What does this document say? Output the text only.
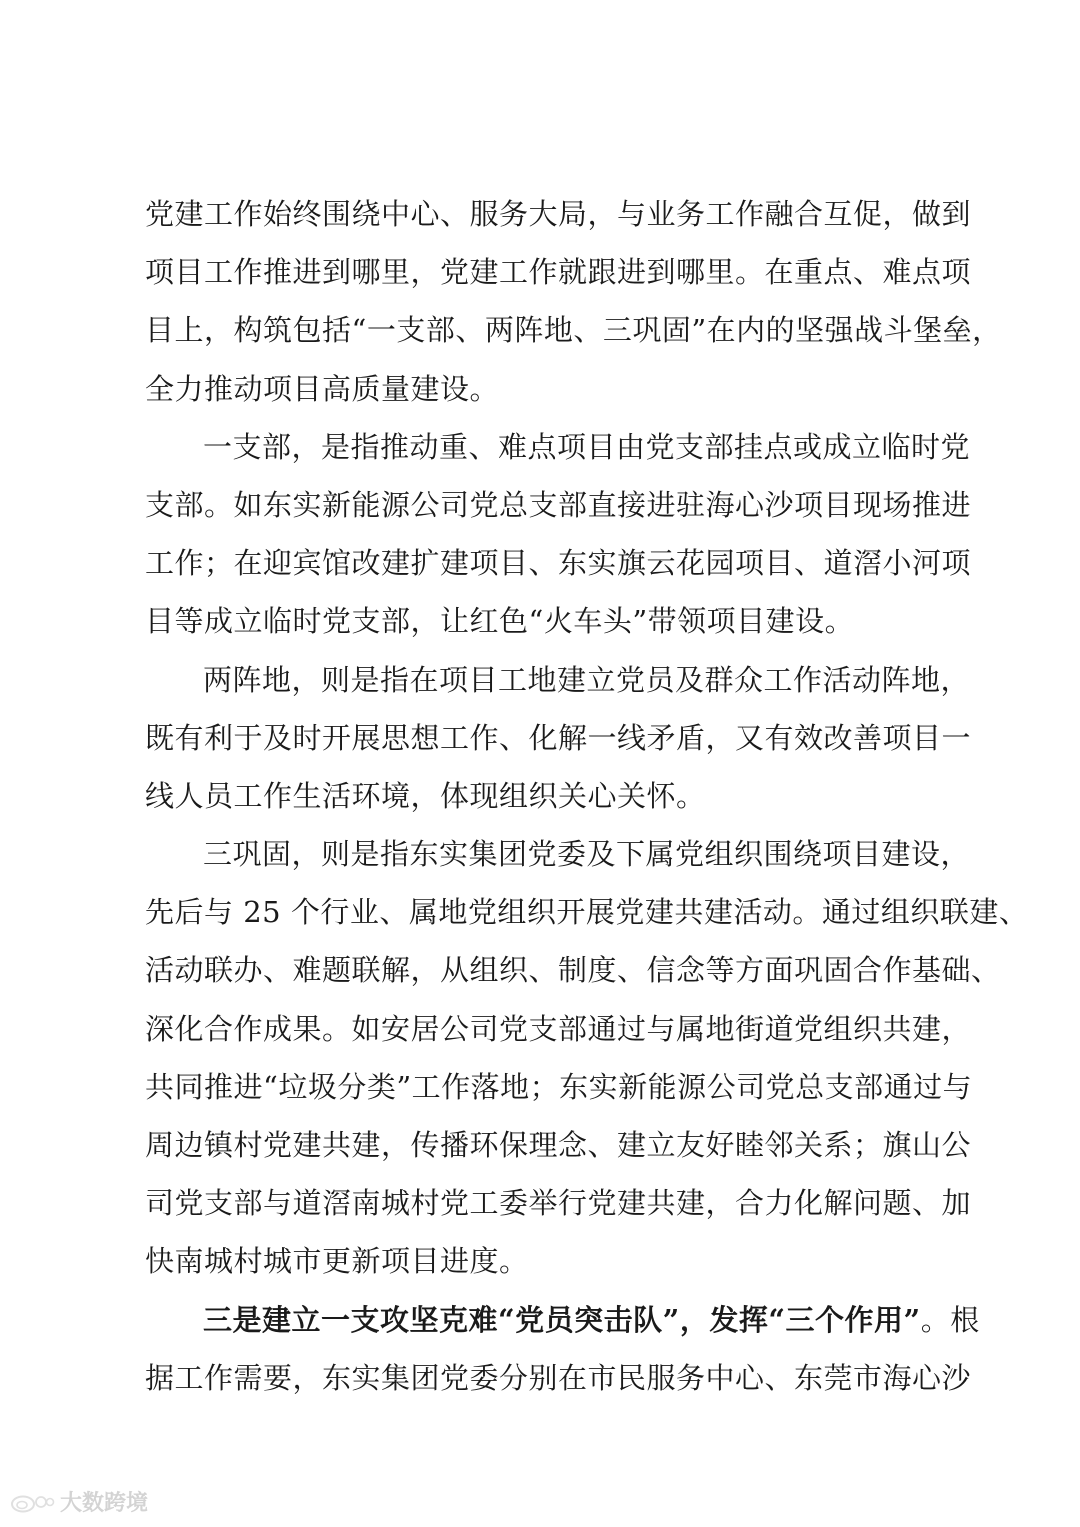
党建工作始终围绕中心、服务大局，与业务工作融合互促，做到
项目工作推进到哪里，党建工作就跟进到哪里。在重点、难点项
目上，构筑包括“一支部、两阵地、三巩固”在内的坚强战斗堡垒，
全力推动项目高质量建设。
一支部，是指推动重、难点项目由党支部挂点或成立临时党
支部。如东实新能源公司党总支部直接进驻海心沙项目现场推进
工作；在迎宾馆改建扩建项目、东实旗云花园项目、道滘小河项
目等成立临时党支部，让红色“火车头”带领项目建设。
两阵地，则是指在项目工地建立党员及群众工作活动阵地，
既有利于及时开展思想工作、化解一线矛盾，又有效改善项目一
线人员工作生活环境，体现组织关心关怀。
三巩固，则是指东实集团党委及下属党组织围绕项目建设，
先后与 25 个行业、属地党组织开展党建共建活动。通过组织联建、
活动联办、难题联解，从组织、制度、信念等方面巩固合作基础、
深化合作成果。如安居公司党支部通过与属地街道党组织共建，
共同推进“垃圾分类”工作落地；东实新能源公司党总支部通过与
周边镇村党建共建，传播环保理念、建立友好睦邻关系；旗山公
司党支部与道滘南城村党工委举行党建共建，合力化解问题、加
快南城村城市更新项目进度。
三是建立一支攻坚克难“党员突击队”，发挥“三个作用”。根
据工作需要，东实集团党委分别在市民服务中心、东莞市海心沙
大数跨境
